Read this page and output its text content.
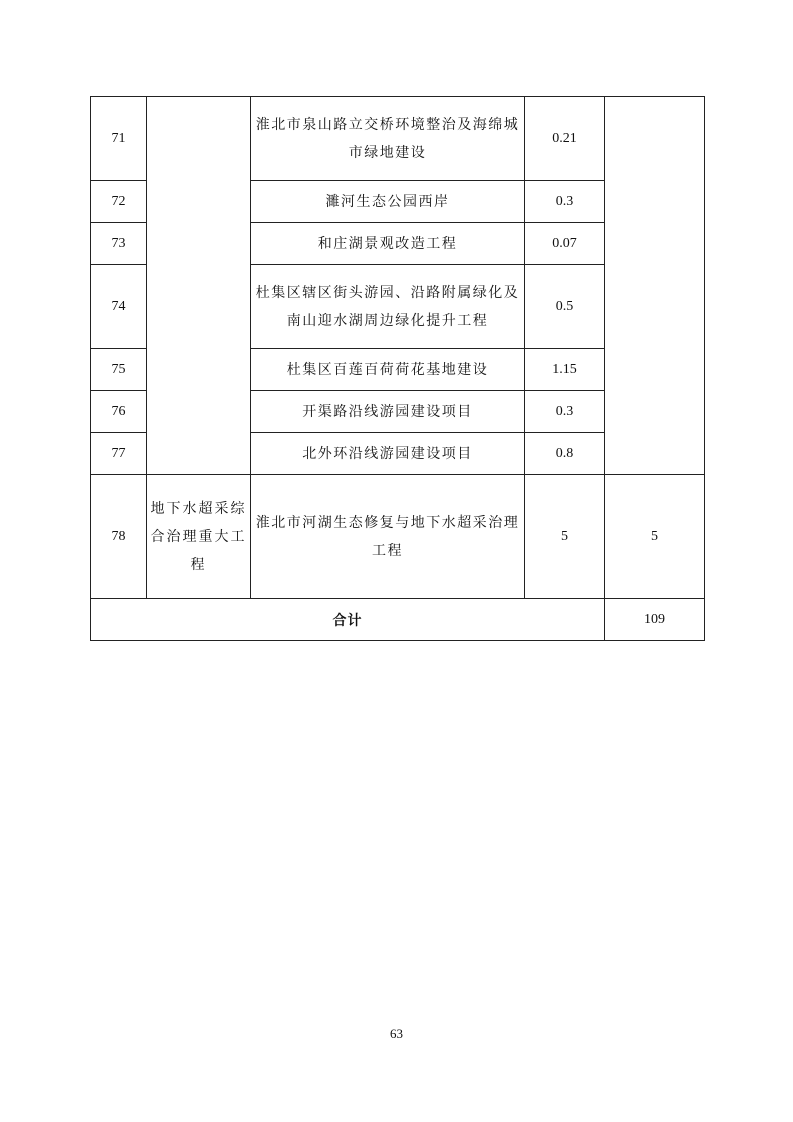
71		淮北市泉山路立交桥环境整治及海绵城市绿地建设	0.21	
72		濉河生态公园西岸	0.3	
73		和庄湖景观改造工程	0.07	
74		杜集区辖区街头游园、沿路附属绿化及南山迎水湖周边绿化提升工程	0.5	
75		杜集区百莲百荷荷花基地建设	1.15	
76		开渠路沿线游园建设项目	0.3	
77		北外环沿线游园建设项目	0.8	
78	地下水超采综合治理重大工程	淮北市河湖生态修复与地下水超采治理工程	5	5
合计				109
63
